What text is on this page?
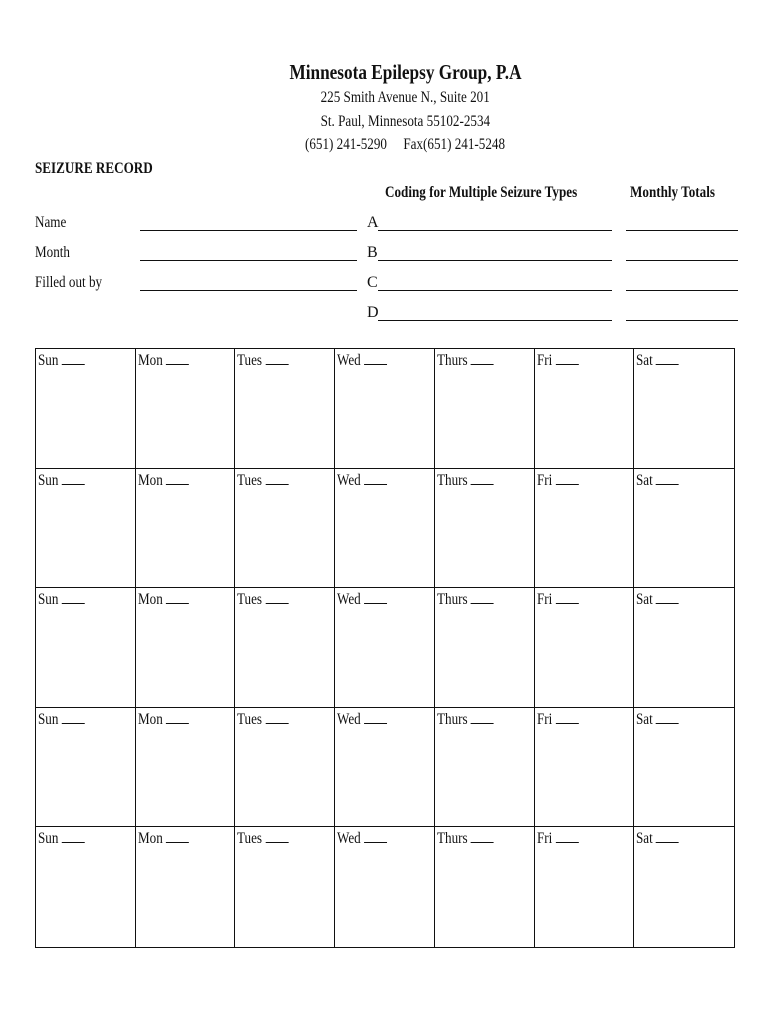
Minnesota Epilepsy Group, P.A
225 Smith Avenue N., Suite 201
St. Paul, Minnesota 55102-2534
(651) 241-5290 Fax(651) 241-5248
SEIZURE RECORD
Coding for Multiple Seizure Types	Monthly Totals
Name
Month
Filled out by
A
B
C
D
Sun	Mon	Tues	Wed	Thurs	Fri	Sat
Sun	Mon	Tues	Wed	Thurs	Fri	Sat
Sun	Mon	Tues	Wed	Thurs	Fri	Sat
Sun	Mon	Tues	Wed	Thurs	Fri	Sat
Sun	Mon	Tues	Wed	Thurs	Fri	Sat
